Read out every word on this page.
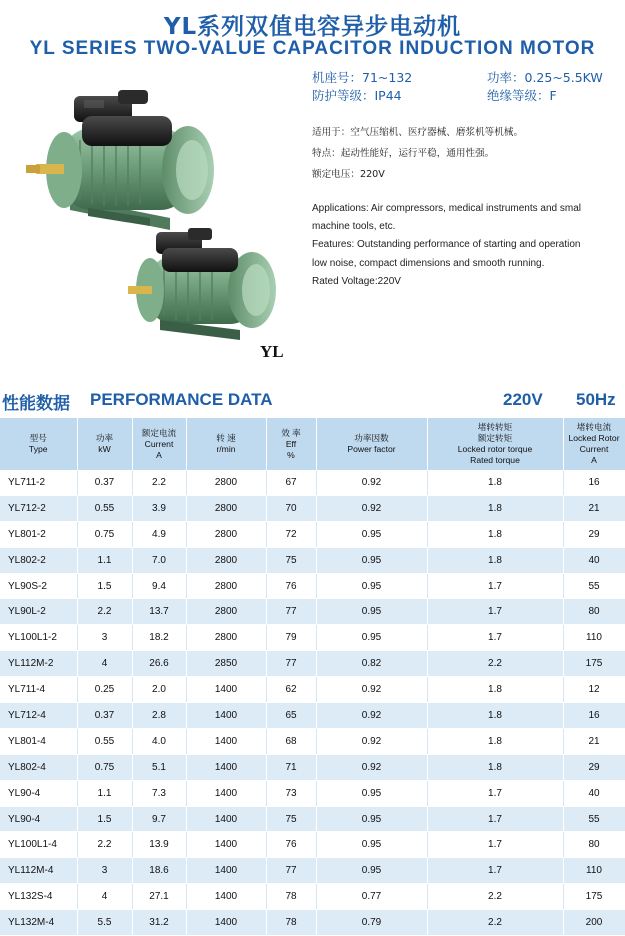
YL系列双值电容异步电动机
YL SERIES TWO-VALUE CAPACITOR INDUCTION MOTOR
YL
机座号：71~132	功率：0.25~5.5KW
防护等级：IP44	绝缘等级：F
适用于：空气压缩机、医疗器械、磨浆机等机械。
特点：起动性能好，运行平稳，通用性强。
额定电压：220V
Applications: Air compressors, medical instruments and smal
machine tools, etc.
Features: Outstanding performance of starting and operation
low noise, compact dimensions and smooth running.
Rated Voltage:220V
性能数据 PERFORMANCE DATA	220V 50Hz
型号
Type	功率
kW	额定电流
Current
A	转 速
r/min	效 率
Eff
%	功率因数
Power factor	堵转转矩
额定转矩
Locked rotor torque
Rated torque	堵转电流
Locked Rotor
Current
A

YL711-2	0.37	2.2	2800	67	0.92	1.8	16
YL712-2	0.55	3.9	2800	70	0.92	1.8	21
YL801-2	0.75	4.9	2800	72	0.95	1.8	29
YL802-2	1.1	7.0	2800	75	0.95	1.8	40
YL90S-2	1.5	9.4	2800	76	0.95	1.7	55
YL90L-2	2.2	13.7	2800	77	0.95	1.7	80
YL100L1-2	3	18.2	2800	79	0.95	1.7	110
YL112M-2	4	26.6	2850	77	0.82	2.2	175
YL711-4	0.25	2.0	1400	62	0.92	1.8	12
YL712-4	0.37	2.8	1400	65	0.92	1.8	16
YL801-4	0.55	4.0	1400	68	0.92	1.8	21
YL802-4	0.75	5.1	1400	71	0.92	1.8	29
YL90-4	1.1	7.3	1400	73	0.95	1.7	40
YL90-4	1.5	9.7	1400	75	0.95	1.7	55
YL100L1-4	2.2	13.9	1400	76	0.95	1.7	80
YL112M-4	3	18.6	1400	77	0.95	1.7	110
YL132S-4	4	27.1	1400	78	0.77	2.2	175
YL132M-4	5.5	31.2	1400	78	0.79	2.2	200
